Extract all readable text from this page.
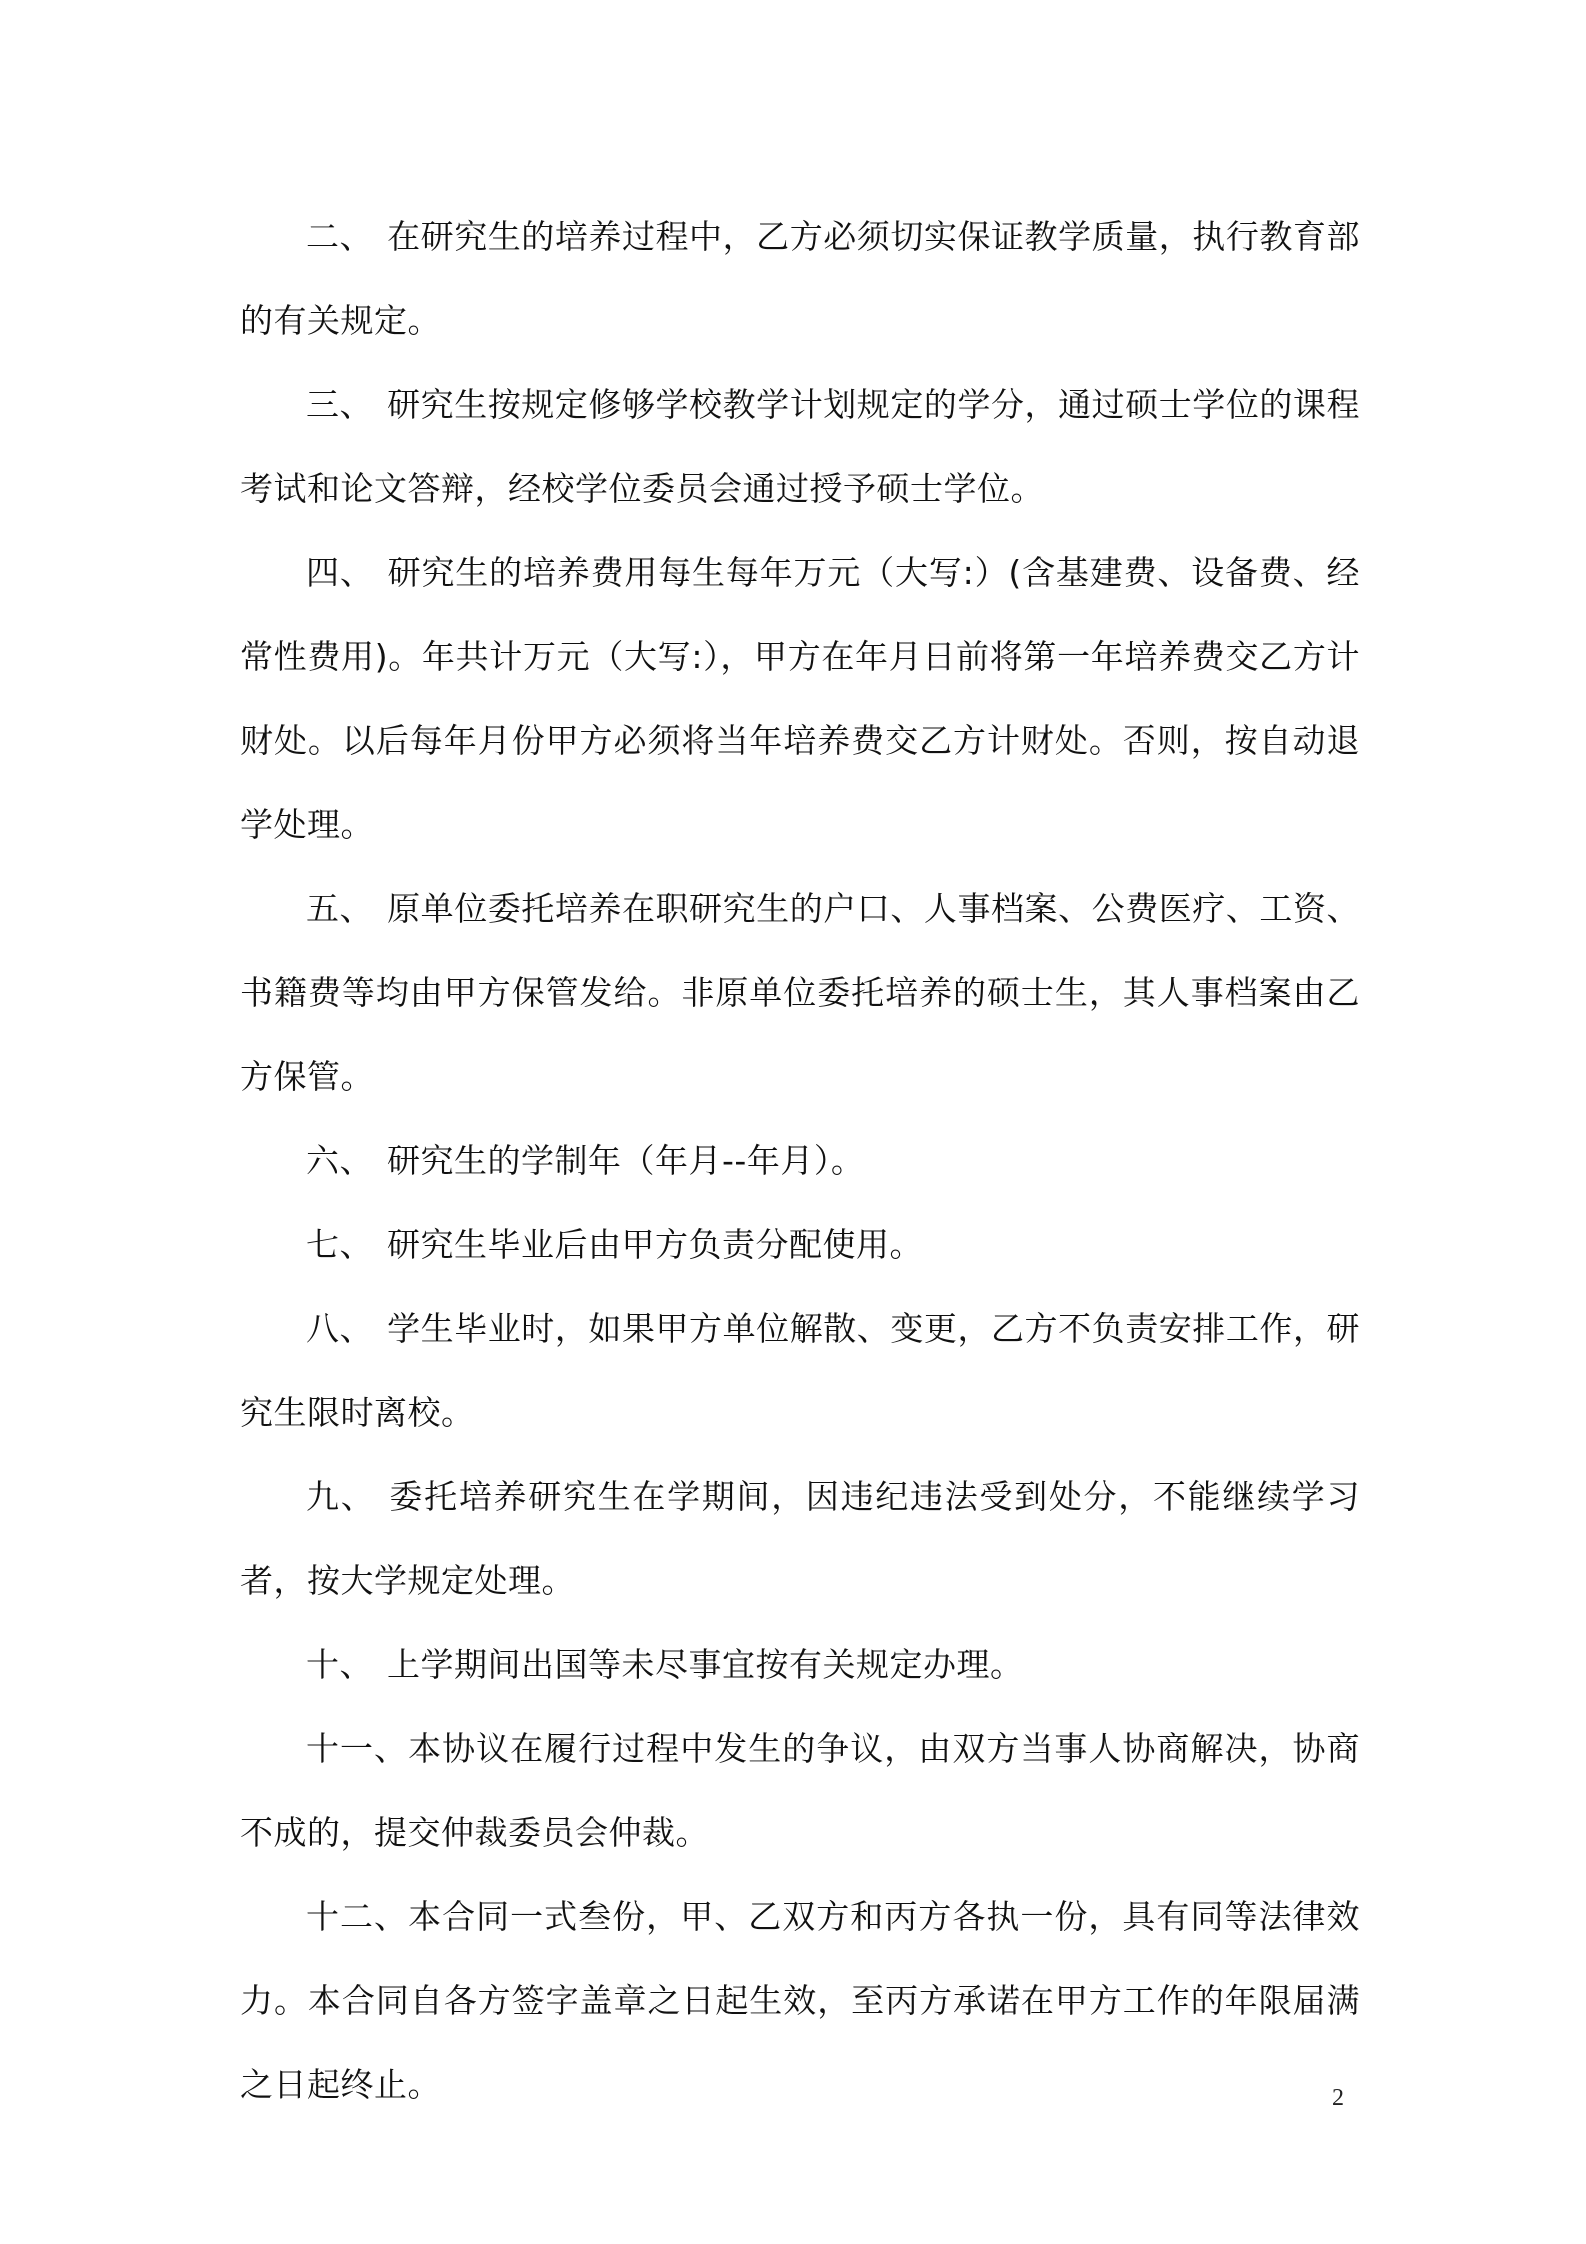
二、 在研究生的培养过程中，乙方必须切实保证教学质量，执行教育部的有关规定。

三、 研究生按规定修够学校教学计划规定的学分，通过硕士学位的课程考试和论文答辩，经校学位委员会通过授予硕士学位。

四、 研究生的培养费用每生每年万元（大写:）(含基建费、设备费、经常性费用)。年共计万元（大写:），甲方在年月日前将第一年培养费交乙方计财处。以后每年月份甲方必须将当年培养费交乙方计财处。否则，按自动退学处理。

五、 原单位委托培养在职研究生的户口、人事档案、公费医疗、工资、书籍费等均由甲方保管发给。非原单位委托培养的硕士生，其人事档案由乙方保管。

六、 研究生的学制年（年月--年月）。

七、 研究生毕业后由甲方负责分配使用。

八、 学生毕业时，如果甲方单位解散、变更，乙方不负责安排工作，研究生限时离校。

九、 委托培养研究生在学期间，因违纪违法受到处分，不能继续学习者，按大学规定处理。

十、 上学期间出国等未尽事宜按有关规定办理。

十一、本协议在履行过程中发生的争议，由双方当事人协商解决，协商不成的，提交仲裁委员会仲裁。

十二、本合同一式叁份，甲、乙双方和丙方各执一份，具有同等法律效力。本合同自各方签字盖章之日起生效，至丙方承诺在甲方工作的年限届满之日起终止。	2
